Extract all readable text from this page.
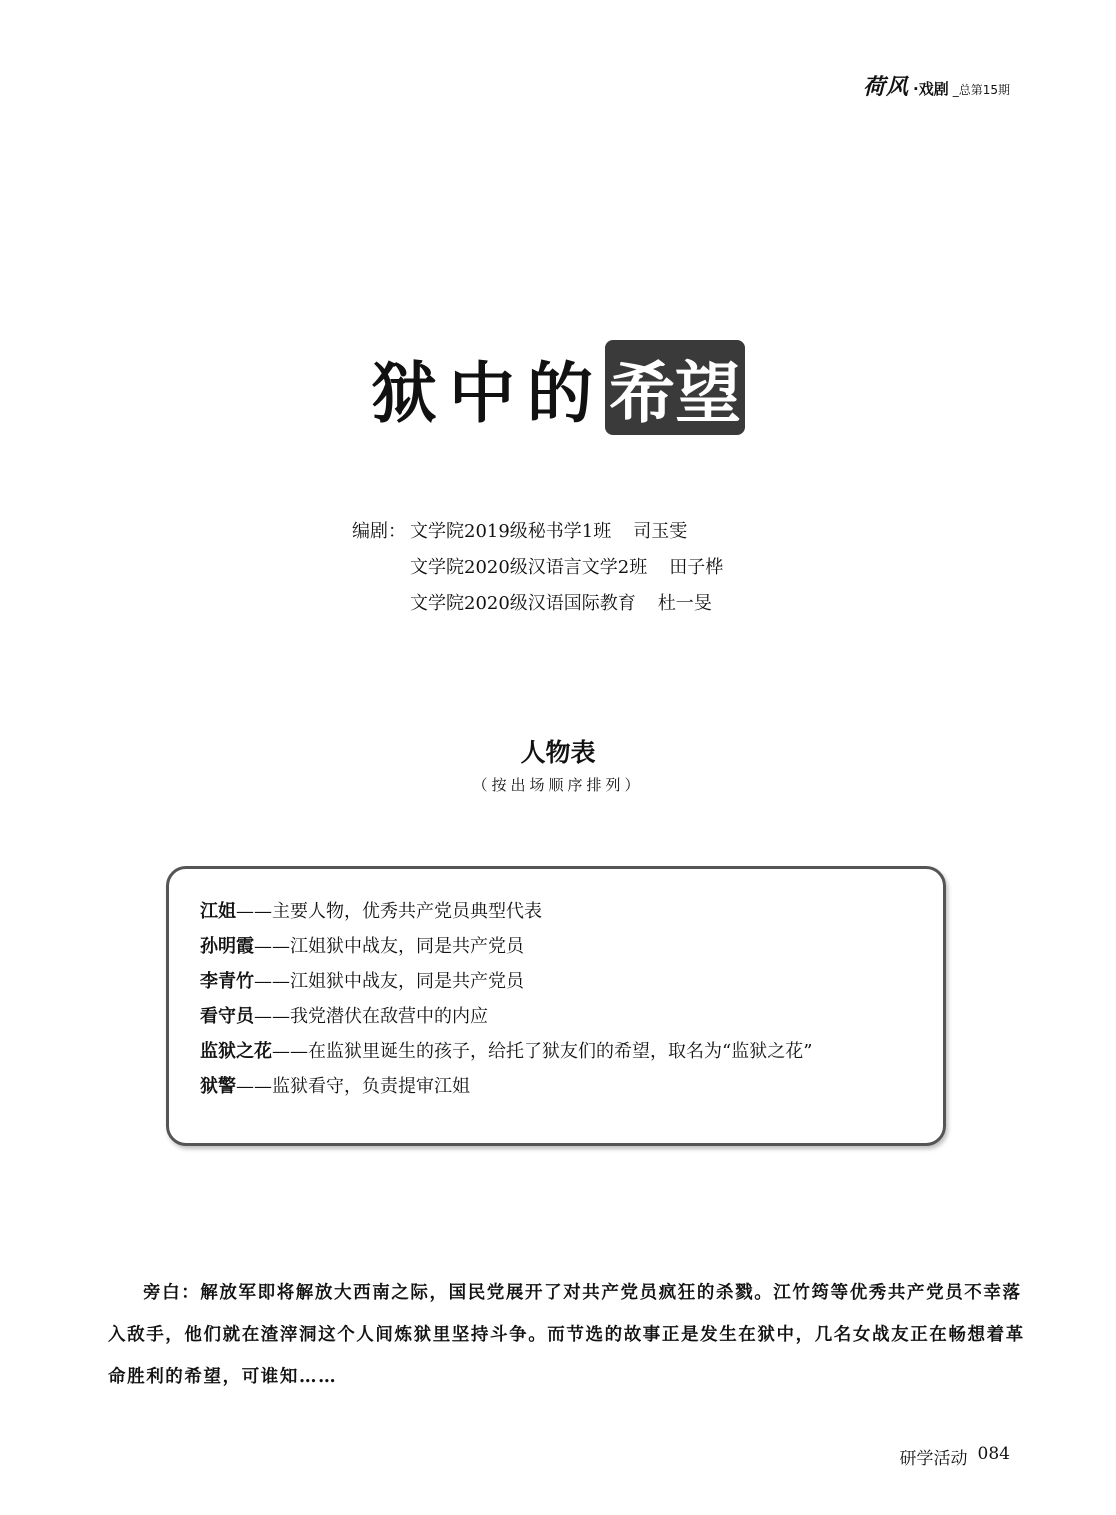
荷风 ·戏剧 _总第15期
狱中的希望
编剧： 文学院2019级秘书学1班 司玉雯
文学院2020级汉语言文学2班 田子桦
文学院2020级汉语国际教育 杜一旻
人物表
（按出场顺序排列）
江姐——主要人物，优秀共产党员典型代表
孙明霞——江姐狱中战友，同是共产党员
李青竹——江姐狱中战友，同是共产党员
看守员——我党潜伏在敌营中的内应
监狱之花——在监狱里诞生的孩子，给托了狱友们的希望，取名为“监狱之花”
狱警——监狱看守，负责提审江姐
旁白：解放军即将解放大西南之际，国民党展开了对共产党员疯狂的杀戮。江竹筠等优秀共产党员不幸落入敌手，他们就在渣滓洞这个人间炼狱里坚持斗争。而节选的故事正是发生在狱中，几名女战友正在畅想着革命胜利的希望，可谁知……
研学活动 084
